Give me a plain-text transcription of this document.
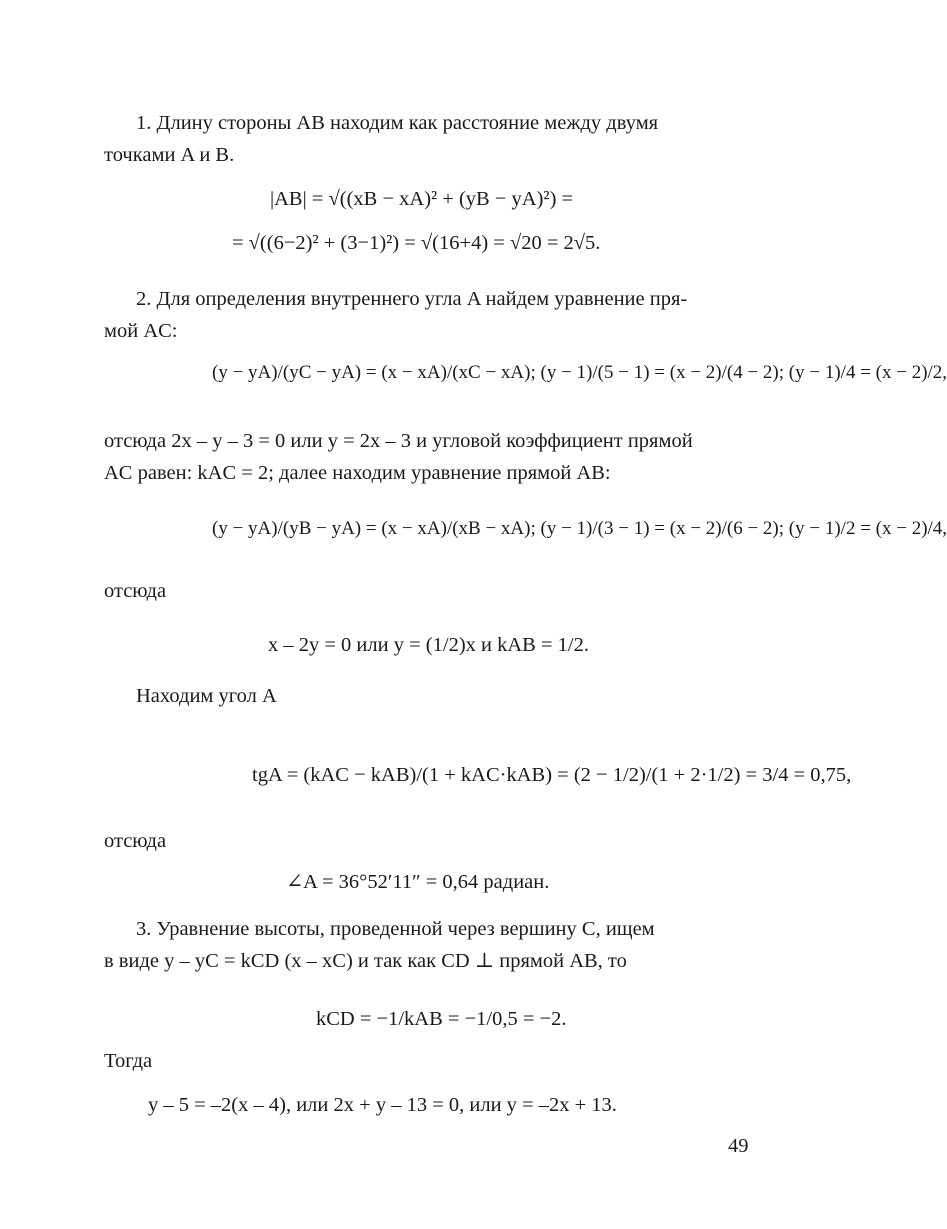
1. Длину стороны AB находим как расстояние между двумя
точками A и B.
|AB| = √((xB − xA)² + (yB − yA)²) =
= √((6−2)² + (3−1)²) = √(16+4) = √20 = 2√5.
2. Для определения внутреннего угла A найдем уравнение пря-
мой AC:
(y − yA)/(yC − yA) = (x − xA)/(xC − xA); (y − 1)/(5 − 1) = (x − 2)/(4 − 2); (y − 1)/4 = (x − 2)/2,
отсюда 2x – y – 3 = 0 или y = 2x – 3 и угловой коэффициент прямой
AC равен: kAC = 2; далее находим уравнение прямой AB:
(y − yA)/(yB − yA) = (x − xA)/(xB − xA); (y − 1)/(3 − 1) = (x − 2)/(6 − 2); (y − 1)/2 = (x − 2)/4,
отсюда
x – 2y = 0 или y = (1/2)x и kAB = 1/2.
Находим угол A
tgA = (kAC − kAB)/(1 + kAC·kAB) = (2 − 1/2)/(1 + 2·1/2) = 3/4 = 0,75,
отсюда
∠A = 36°52′11″ = 0,64 радиан.
3. Уравнение высоты, проведенной через вершину C, ищем
в виде y – yC = kCD (x – xC) и так как CD ⊥ прямой AB, то
kCD = −1/kAB = −1/0,5 = −2.
Тогда
y – 5 = –2(x – 4), или 2x + y – 13 = 0, или y = –2x + 13.
49
